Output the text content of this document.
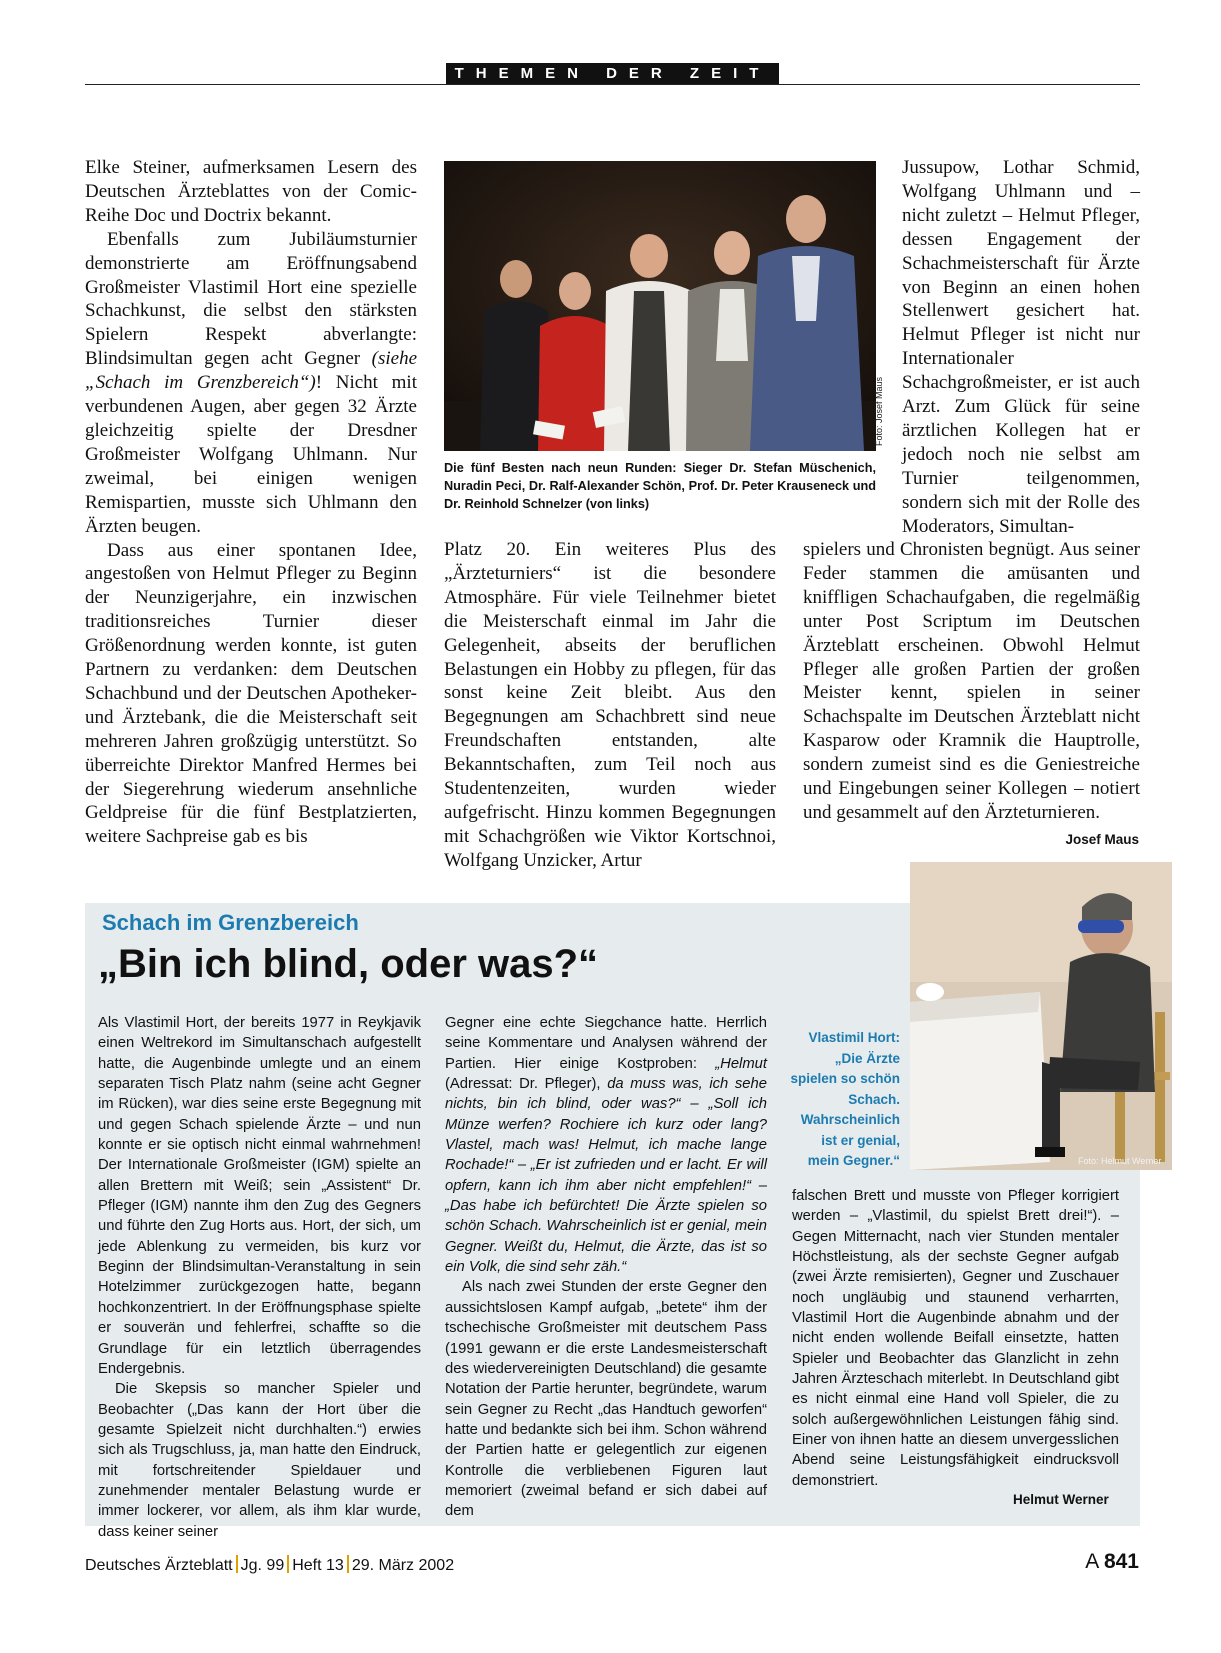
THEMEN DER ZEIT

Elke Steiner, aufmerksamen Lesern des Deutschen Ärzteblattes von der Comic-Reihe Doc und Doctrix bekannt.

Ebenfalls zum Jubiläumsturnier demonstrierte am Eröffnungsabend Großmeister Vlastimil Hort eine spezielle Schachkunst, die selbst den stärksten Spielern Respekt abverlangte: Blindsimultan gegen acht Gegner (siehe „Schach im Grenzbereich“)! Nicht mit verbundenen Augen, aber gegen 32 Ärzte gleichzeitig spielte der Dresdner Großmeister Wolfgang Uhlmann. Nur zweimal, bei einigen wenigen Remispartien, musste sich Uhlmann den Ärzten beugen.

Dass aus einer spontanen Idee, angestoßen von Helmut Pfleger zu Beginn der Neunzigerjahre, ein inzwischen traditionsreiches Turnier dieser Größenordnung werden konnte, ist guten Partnern zu verdanken: dem Deutschen Schachbund und der Deutschen Apotheker- und Ärztebank, die die Meisterschaft seit mehreren Jahren großzügig unterstützt. So überreichte Direktor Manfred Hermes bei der Siegerehrung wiederum ansehnliche Geldpreise für die fünf Bestplatzierten, weitere Sachpreise gab es bis

Foto: Josef Maus
Die fünf Besten nach neun Runden: Sieger Dr. Stefan Müschenich, Nuradin Peci, Dr. Ralf-Alexander Schön, Prof. Dr. Peter Krauseneck und Dr. Reinhold Schnelzer (von links)

Platz 20. Ein weiteres Plus des „Ärzteturniers“ ist die besondere Atmosphäre. Für viele Teilnehmer bietet die Meisterschaft einmal im Jahr die Gelegenheit, abseits der beruflichen Belastungen ein Hobby zu pflegen, für das sonst keine Zeit bleibt. Aus den Begegnungen am Schachbrett sind neue Freundschaften entstanden, alte Bekanntschaften, zum Teil noch aus Studentenzeiten, wurden wieder aufgefrischt. Hinzu kommen Begegnungen mit Schachgrößen wie Viktor Kortschnoi, Wolfgang Unzicker, Artur

Jussupow, Lothar Schmid, Wolfgang Uhlmann und – nicht zuletzt – Helmut Pfleger, dessen Engagement der Schachmeisterschaft für Ärzte von Beginn an einen hohen Stellenwert gesichert hat. Helmut Pfleger ist nicht nur Internationaler Schachgroßmeister, er ist auch Arzt. Zum Glück für seine ärztlichen Kollegen hat er jedoch noch nie selbst am Turnier teilgenommen, sondern sich mit der Rolle des Moderators, Simultan-

spielers und Chronisten begnügt. Aus seiner Feder stammen die amüsanten und kniffligen Schachaufgaben, die regelmäßig unter Post Scriptum im Deutschen Ärzteblatt erscheinen. Obwohl Helmut Pfleger alle großen Partien der großen Meister kennt, spielen in seiner Schachspalte im Deutschen Ärzteblatt nicht Kasparow oder Kramnik die Hauptrolle, sondern zumeist sind es die Geniestreiche und Eingebungen seiner Kollegen – notiert und gesammelt auf den Ärzteturnieren.

Josef Maus
Schach im Grenzbereich
„Bin ich blind, oder was?“
Foto: Helmut Werner
Vlastimil Hort: „Die Ärzte spielen so schön Schach. Wahrscheinlich ist er genial, mein Gegner.“

Als Vlastimil Hort, der bereits 1977 in Reykjavik einen Weltrekord im Simultanschach aufgestellt hatte, die Augenbinde umlegte und an einem separaten Tisch Platz nahm (seine acht Gegner im Rücken), war dies seine erste Begegnung mit und gegen Schach spielende Ärzte – und nun konnte er sie optisch nicht einmal wahrnehmen! Der Internationale Großmeister (IGM) spielte an allen Brettern mit Weiß; sein „Assistent“ Dr. Pfleger (IGM) nannte ihm den Zug des Gegners und führte den Zug Horts aus. Hort, der sich, um jede Ablenkung zu vermeiden, bis kurz vor Beginn der Blindsimultan-Veranstaltung in sein Hotelzimmer zurückgezogen hatte, begann hochkonzentriert. In der Eröffnungsphase spielte er souverän und fehlerfrei, schaffte so die Grundlage für ein letztlich überragendes Endergebnis.

Die Skepsis so mancher Spieler und Beobachter („Das kann der Hort über die gesamte Spielzeit nicht durchhalten.“) erwies sich als Trugschluss, ja, man hatte den Eindruck, mit fortschreitender Spieldauer und zunehmender mentaler Belastung wurde er immer lockerer, vor allem, als ihm klar wurde, dass keiner seiner

Gegner eine echte Siegchance hatte. Herrlich seine Kommentare und Analysen während der Partien. Hier einige Kostproben: „Helmut (Adressat: Dr. Pfleger), da muss was, ich sehe nichts, bin ich blind, oder was?“ – „Soll ich Münze werfen? Rochiere ich kurz oder lang? Vlastel, mach was! Helmut, ich mache lange Rochade!“ – „Er ist zufrieden und er lacht. Er will opfern, kann ich ihm aber nicht empfehlen!“ – „Das habe ich befürchtet! Die Ärzte spielen so schön Schach. Wahrscheinlich ist er genial, mein Gegner. Weißt du, Helmut, die Ärzte, das ist so ein Volk, die sind sehr zäh.“

Als nach zwei Stunden der erste Gegner den aussichtslosen Kampf aufgab, „betete“ ihm der tschechische Großmeister mit deutschem Pass (1991 gewann er die erste Landesmeisterschaft des wiedervereinigten Deutschland) die gesamte Notation der Partie herunter, begründete, warum sein Gegner zu Recht „das Handtuch geworfen“ hatte und bedankte sich bei ihm. Schon während der Partien hatte er gelegentlich zur eigenen Kontrolle die verbliebenen Figuren laut memoriert (zweimal befand er sich dabei auf dem

falschen Brett und musste von Pfleger korrigiert werden – „Vlastimil, du spielst Brett drei!“). – Gegen Mitternacht, nach vier Stunden mentaler Höchstleistung, als der sechste Gegner aufgab (zwei Ärzte remisierten), Gegner und Zuschauer noch ungläubig und staunend verharrten, Vlastimil Hort die Augenbinde abnahm und der nicht enden wollende Beifall einsetzte, hatten Spieler und Beobachter das Glanzlicht in zehn Jahren Ärzteschach miterlebt. In Deutschland gibt es nicht einmal eine Hand voll Spieler, die zu solch außergewöhnlichen Leistungen fähig sind. Einer von ihnen hatte an diesem unvergesslichen Abend seine Leistungsfähigkeit eindrucksvoll demonstriert.

Helmut Werner
Deutsches Ärzteblatt Jg. 99 Heft 13 29. März 2002	A 841
